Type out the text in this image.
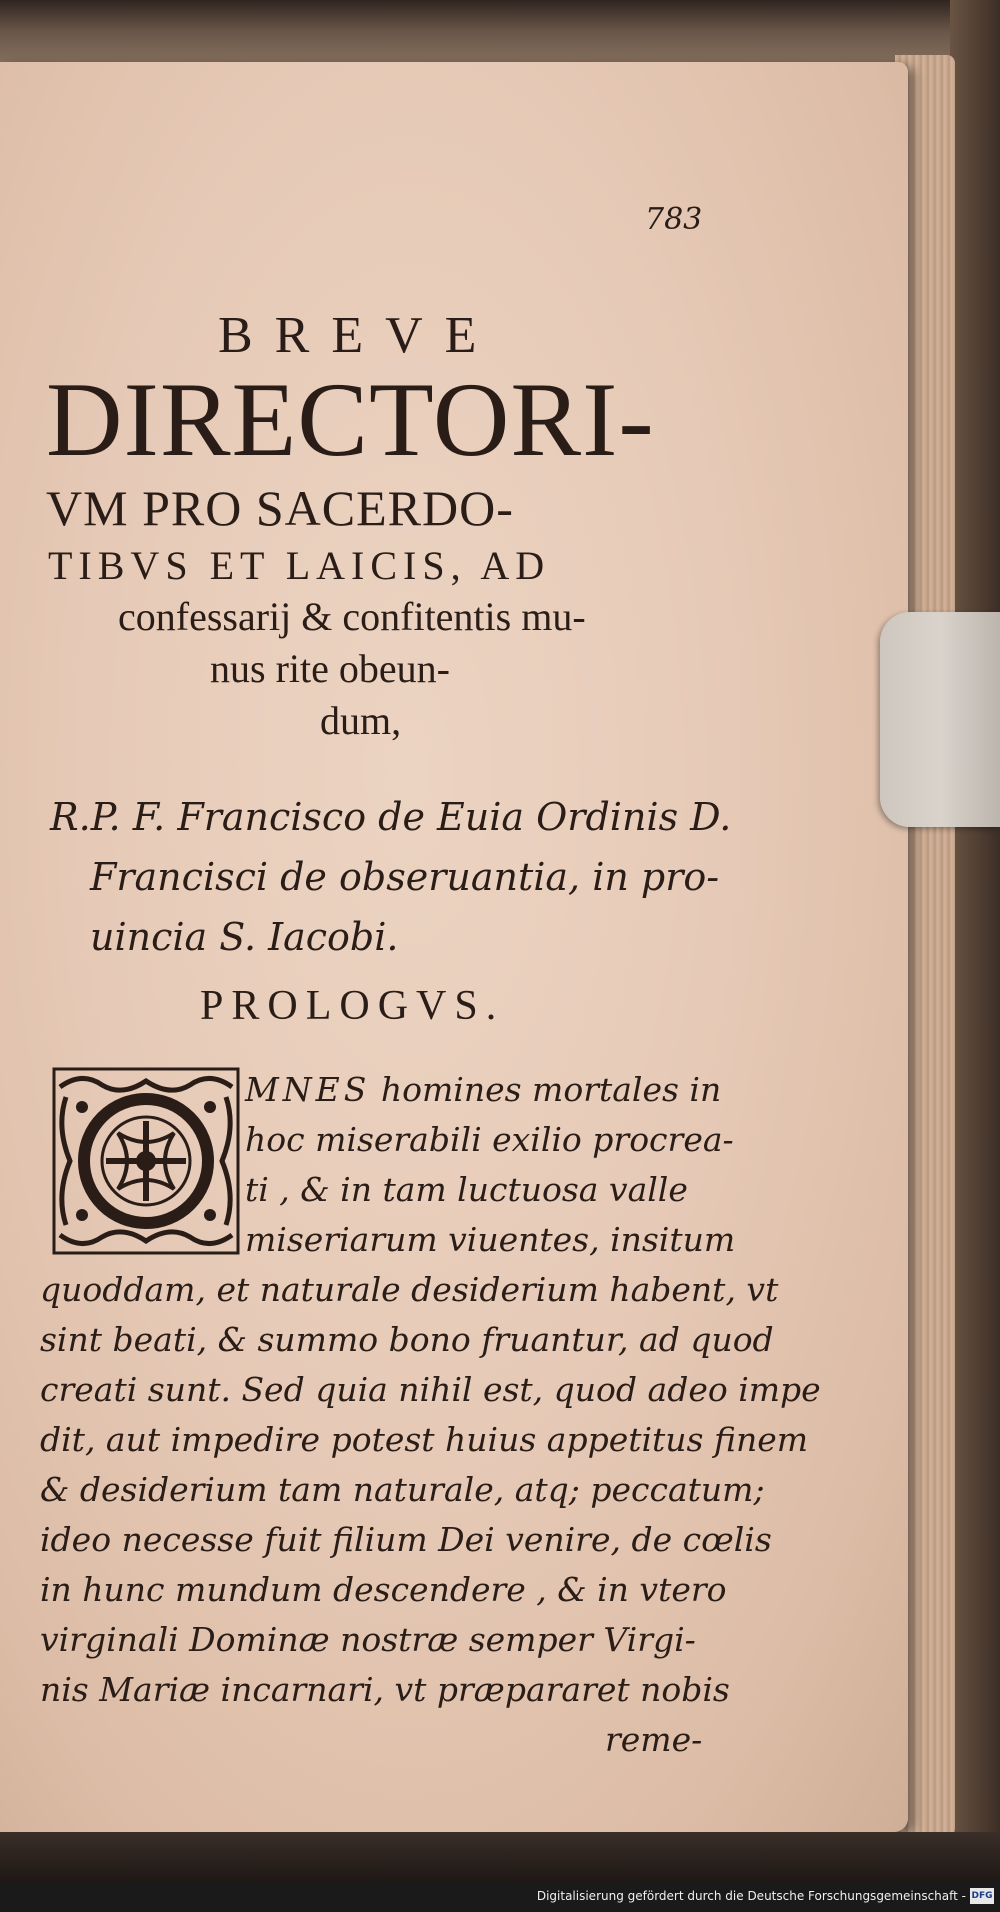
783
BREVE
DIRECTORI-
VM PRO SACERDO-
TIBVS ET LAICIS, AD
confessarij & confitentis mu-
nus rite obeun-
dum,
R.P. F. Francisco de Euia Ordinis D.
Francisci de obseruantia, in pro-
uincia S. Iacobi.
PROLOGVS.
MNES homines mortales in
hoc miserabili exilio procrea-
ti , & in tam luctuosa valle
miseriarum viuentes, insitum
quoddam, et naturale desiderium habent, vt
sint beati, & summo bono fruantur, ad quod
creati sunt. Sed quia nihil est, quod adeo impe
dit, aut impedire potest huius appetitus finem
& desiderium tam naturale, atq; peccatum;
ideo necesse fuit filium Dei venire, de cœlis
in hunc mundum descendere , & in vtero
virginali Dominæ nostræ semper Virgi-
nis Mariæ incarnari, vt præpararet nobis
reme-
Digitalisierung gefördert durch die Deutsche Forschungsgemeinschaft - DFG
